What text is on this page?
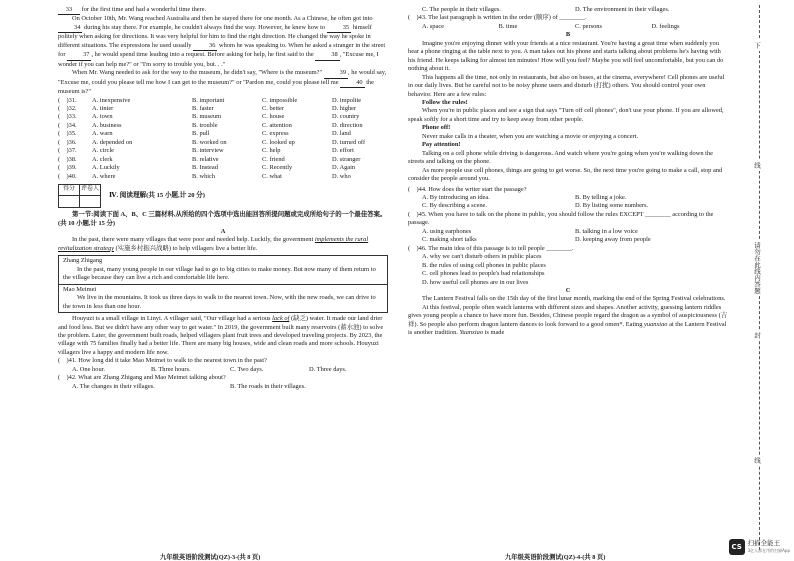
33 for the first time and had a wonderful time there.

On October 10th, Mr. Wang reached Australia and then he stayed there for one month. As a Chinese, he often got into 34 during his stay there. For example, he couldn't always find the way. However, he knew how to	35 himself politely when asking for directions. It was very helpful for him to find the right direction. He changed the way he spoke in different situations. The expressions he used usually	36 whom he was speaking to. When he asked a stranger in the street for	37 , he would spend time leading into a request. Before asking for help, he first said to the	38 , "Excuse me, I wonder if you can help me?" or "I'm sorry to trouble you, but. . ."

When Mr. Wang needed to ask for the way to the museum, he didn't say, "Where is the museum?"	39 , he would say, "Excuse me, could you please tell me how I can get to the museum?" or "Pardon me, could you please tell me	40 the museum is?"

(　)31.	A. inexpensive	B. important	C. impossible	D. impolite
(　)32.	A. tinier	B. faster	C. better	D. higher
(　)33.	A. town	B. museum	C. house	D. country
(　)34.	A. business	B. trouble	C. attention	D. direction
(　)35.	A. warn	B. pull	C. express	D. land
(　)36.	A. depended on	B. worked on	C. looked up	D. turned off
(　)37.	A. circle	B. interview	C. help	D. effort
(　)38.	A. clerk	B. relative	C. friend	D. stranger
(　)39.	A. Luckily	B. Instead	C. Recently	D. Again
(　)40.	A. where	B. which	C. what	D. who
得分	评卷人

Ⅳ. 阅读理解(共 15 小题,计 20 分)

第一节:阅读下面 A、B、C 三篇材料,从所给的四个选项中选出能回答所提问题或完成所给句子的一个最佳答案。(共 10 小题,计 15 分)

A

In the past, there were many villages that were poor and needed help. Luckily, the government implements the rural revitalization strategy (实施乡村振兴战略) to help villagers live a better life.

Zhang Zhigang

In the past, many young people in our village had to go to big cities to make money. But now many of them return to the village because they can live a rich and comfortable life here.

Mao Meimei

We live in the mountains. It took us three days to walk to the nearest town. Now, with the new roads, we can drive to the town in less than one hour.

Houyuzi is a small village in Linyi. A villager said, "Our village had a serious lack of (缺乏) water. It made our land drier and food less. But we didn't have any other way to get water." In 2019, the government built many reservoirs (蓄水池) to solve the problem. Later, the government built roads, helped villagers plant fruit trees and developed traveling projects. By 2023, the village with 75 families finally had a better life. There are many big houses, wide and clean roads and more schools. Houyuzi villagers live a happy and modern life now.

(　)41. How long did it take Mao Meimei to walk to the nearest town in the past?

A. One hour.	B. Three hours.	C. Two days.	D. Three days.

(　)42. What are Zhang Zhigang and Mao Meimei talking about?

A. The changes in their villages.	B. The roads in their villages.
九年级英语阶段测试(QZ)-3-(共 8 页)
C. The people in their villages.	D. The environment in their villages.

(　)43. The last paragraph is written in the order (顺序) of ________.

A. space	B. time	C. persons	D. feelings

B

Imagine you're enjoying dinner with your friends at a nice restaurant. You're having a great time when suddenly you hear a phone ringing at the table next to you. A man takes out his phone and starts talking about problems he's having with his friend. He keeps talking for almost ten minutes! How will you feel? Maybe you will feel uncomfortable, but you can do nothing about it.

This happens all the time, not only in restaurants, but also on buses, at the cinema, everywhere! Cell phones are useful in our daily lives. But be careful not to be noisy phone users and disturb (打扰) others. You should control your own behavior. Here are a few rules:

Follow the rules!

When you're in public places and see a sign that says "Turn off cell phones", don't use your phone. If you are allowed, speak softly for a short time and try to keep away from other people.

Phone off!

Never make calls in a theater, when you are watching a movie or enjoying a concert.

Pay attention!

Talking on a cell phone while driving is dangerous. And watch where you're going when you're walking down the streets and talking on the phone.

As more people use cell phones, things are going to get worse. So, the next time you're going to make a call, stop and consider the people around you.

(　)44. How does the writer start the passage?

A. By introducing an idea.	B. By telling a joke.
C. By describing a scene.	D. By listing some numbers.

(　)45. When you have to talk on the phone in public, you should follow the rules EXCEPT ________ according to the passage.

A. using earphones	B. talking in a low voice
C. making short talks	D. keeping away from people

(　)46. The main idea of this passage is to tell people ________.

A. why we can't disturb others in public places

B. the rules of using cell phones in public places

C. cell phones lead to people's bad relationships

D. how useful cell phones are in our lives

C

The Lantern Festival falls on the 15th day of the first lunar month, marking the end of the Spring Festival celebrations.

At this festival, people often watch lanterns with different sizes and shapes. Another activity, guessing lantern riddles gives young people a chance to have more fun. Besides, Chinese people regard the dragon as a symbol of auspiciousness (吉祥). So people also perform dragon lantern dances to look forward to a good omen*. Eating yuanxiao at the Lantern Festival is another tradition. Yuanxiao is made

九年级英语阶段测试(QZ)-4-(共 8 页)
下
线
请勿在此线内答题
封
线
CS 扫描全能王
3亿人都在用的扫描App
